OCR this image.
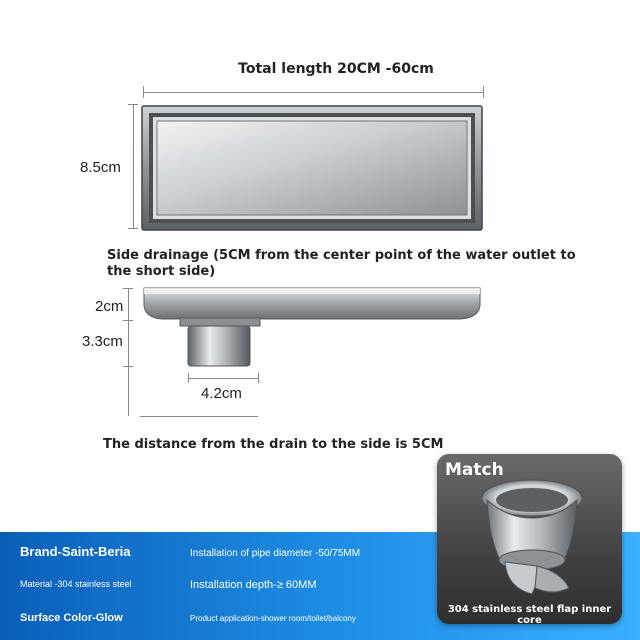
Total length 20CM -60cm
8.5cm
Side drainage (5CM from the center point of the water outlet to
the short side)
2cm
3.3cm
4.2cm
The distance from the drain to the side is 5CM
Brand-Saint-Beria
Material -304 stainless steel
Surface Color-Glow
Installation of pipe diameter -50/75MM
Installation depth-≥ 60MM
Product application-shower room/toilet/balcony
Match
304 stainless steel flap inner core
